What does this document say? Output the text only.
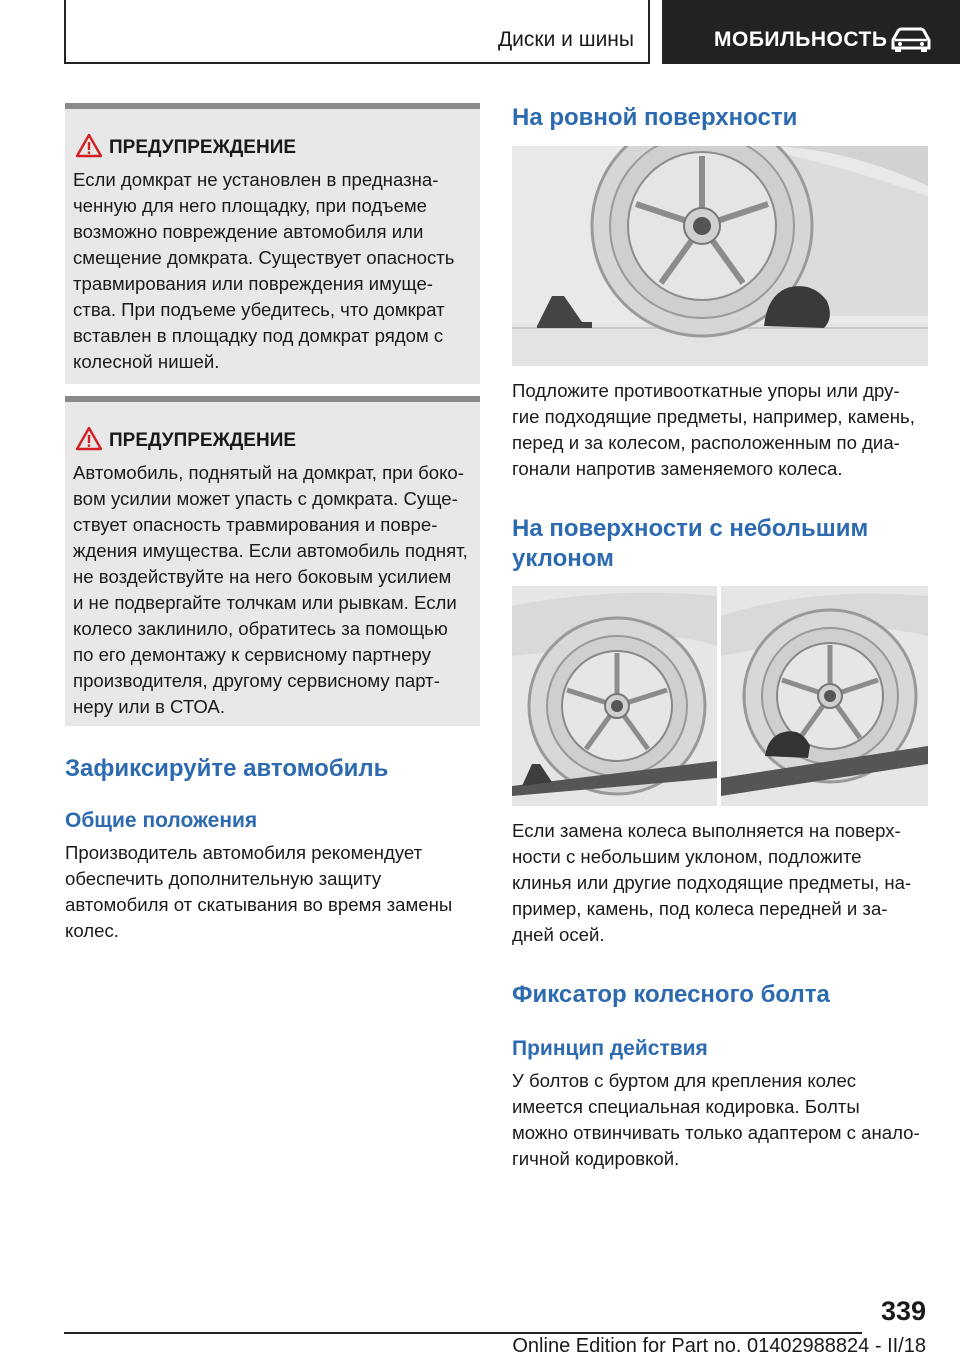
Диски и шины	МОБИЛЬНОСТЬ
ПРЕДУПРЕЖДЕНИЕ
Если домкрат не установлен в предназна-
ченную для него площадку, при подъеме
возможно повреждение автомобиля или
смещение домкрата. Существует опасность
травмирования или повреждения имуще-
ства. При подъеме убедитесь, что домкрат
вставлен в площадку под домкрат рядом с
колесной нишей.
ПРЕДУПРЕЖДЕНИЕ
Автомобиль, поднятый на домкрат, при боко-
вом усилии может упасть с домкрата. Суще-
ствует опасность травмирования и повре-
ждения имущества. Если автомобиль поднят,
не воздействуйте на него боковым усилием
и не подвергайте толчкам или рывкам. Если
колесо заклинило, обратитесь за помощью
по его демонтажу к сервисному партнеру
производителя, другому сервисному парт-
неру или в СТОА.
Зафиксируйте автомобиль
Общие положения
Производитель автомобиля рекомендует
обеспечить дополнительную защиту
автомобиля от скатывания во время замены
колес.
На ровной поверхности
Подложите противооткатные упоры или дру-
гие подходящие предметы, например, камень,
перед и за колесом, расположенным по диа-
гонали напротив заменяемого колеса.
На поверхности с небольшим
уклоном
Если замена колеса выполняется на поверх-
ности с небольшим уклоном, подложите
клинья или другие подходящие предметы, на-
пример, камень, под колеса передней и за-
дней осей.
Фиксатор колесного болта
Принцип действия
У болтов с буртом для крепления колес
имеется специальная кодировка. Болты
можно отвинчивать только адаптером с анало-
гичной кодировкой.
339
Online Edition for Part no. 01402988824 - II/18
